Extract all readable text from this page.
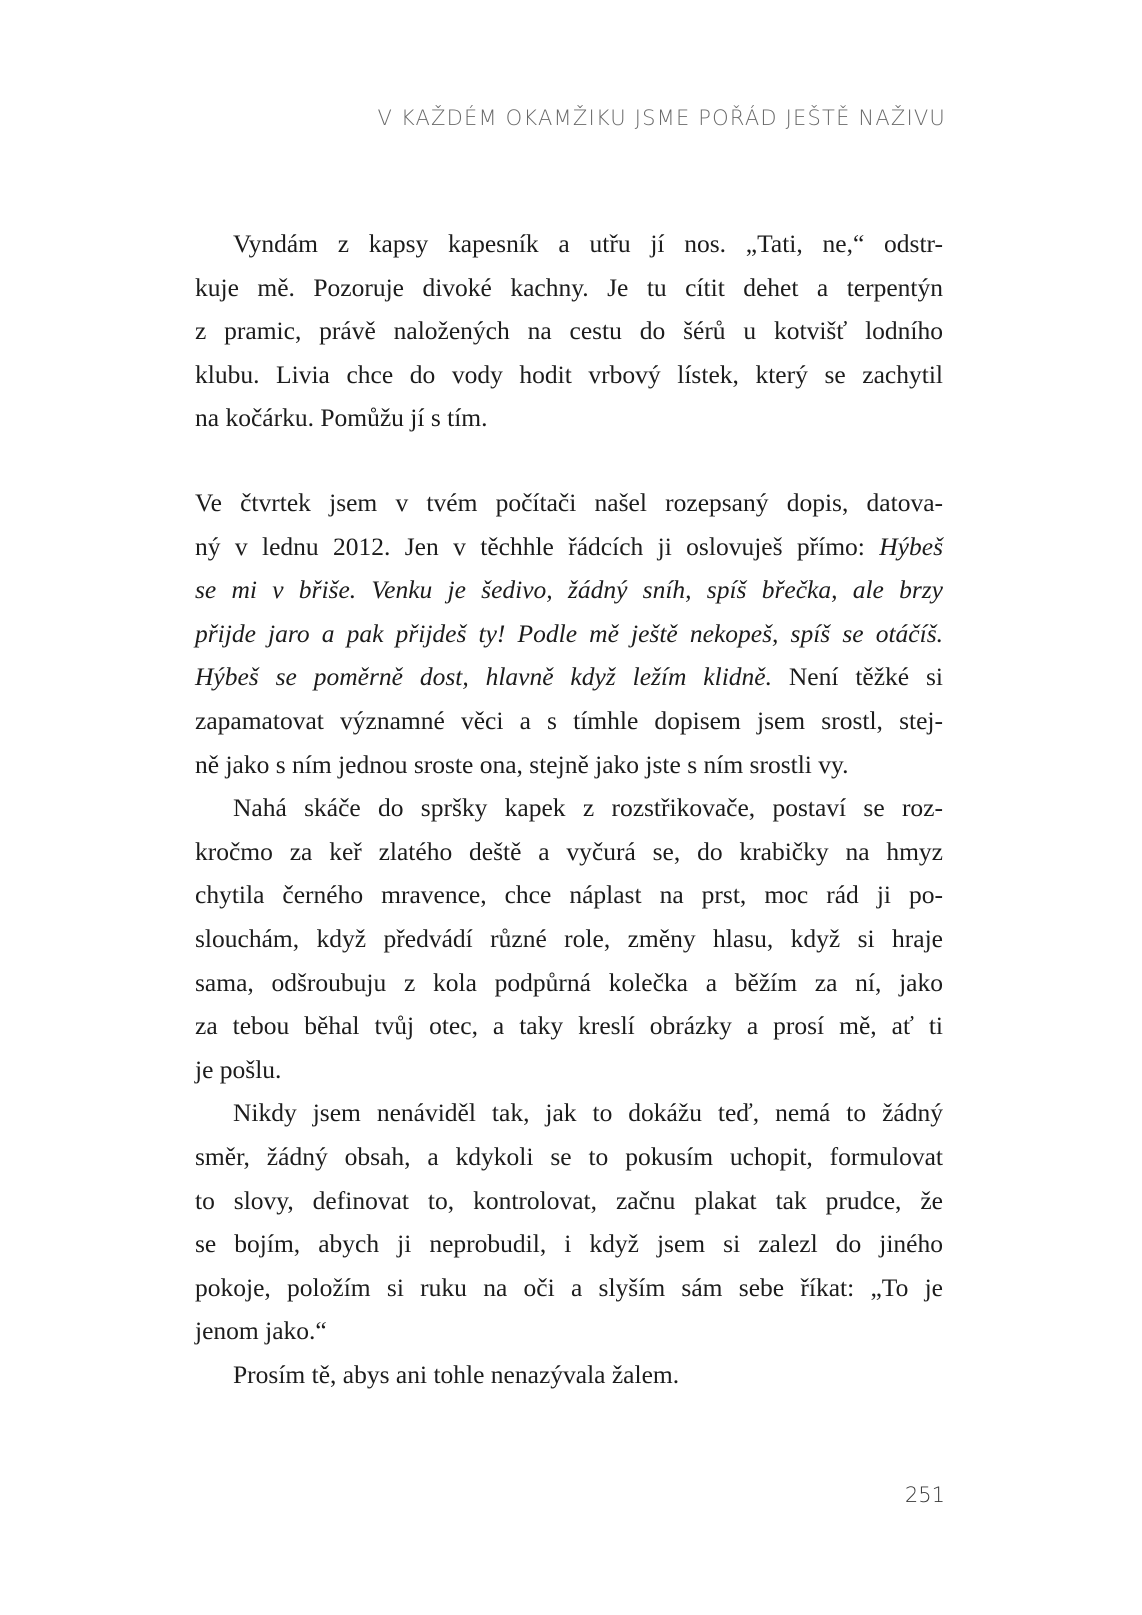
V KAŽDÉM OKAMŽIKU JSME POŘÁD JEŠTĚ NAŽIVU
Vyndám z kapsy kapesník a utřu jí nos. „Tati, ne,“ odstr-
kuje mě. Pozoruje divoké kachny. Je tu cítit dehet a terpentýn
z pramic, právě naložených na cestu do šérů u kotvišť lodního
klubu. Livia chce do vody hodit vrbový lístek, který se zachytil
na kočárku. Pomůžu jí s tím.
Ve čtvrtek jsem v tvém počítači našel rozepsaný dopis, datova-
ný v lednu 2012. Jen v těchhle řádcích ji oslovuješ přímo: Hýbeš
se mi v břiše. Venku je šedivo, žádný sníh, spíš břečka, ale brzy
přijde jaro a pak přijdeš ty! Podle mě ještě nekopeš, spíš se otáčíš.
Hýbeš se poměrně dost, hlavně když ležím klidně. Není těžké si
zapamatovat významné věci a s tímhle dopisem jsem srostl, stej-
ně jako s ním jednou sroste ona, stejně jako jste s ním srostli vy.
Nahá skáče do spršky kapek z rozstřikovače, postaví se roz-
kročmo za keř zlatého deště a vyčurá se, do krabičky na hmyz
chytila černého mravence, chce náplast na prst, moc rád ji po-
slouchám, když předvádí různé role, změny hlasu, když si hraje
sama, odšroubuju z kola podpůrná kolečka a běžím za ní, jako
za tebou běhal tvůj otec, a taky kreslí obrázky a prosí mě, ať ti
je pošlu.
Nikdy jsem nenáviděl tak, jak to dokážu teď, nemá to žádný
směr, žádný obsah, a kdykoli se to pokusím uchopit, formulovat
to slovy, definovat to, kontrolovat, začnu plakat tak prudce, že
se bojím, abych ji neprobudil, i když jsem si zalezl do jiného
pokoje, položím si ruku na oči a slyším sám sebe říkat: „To je
jenom jako.“
Prosím tě, abys ani tohle nenazývala žalem.
251
